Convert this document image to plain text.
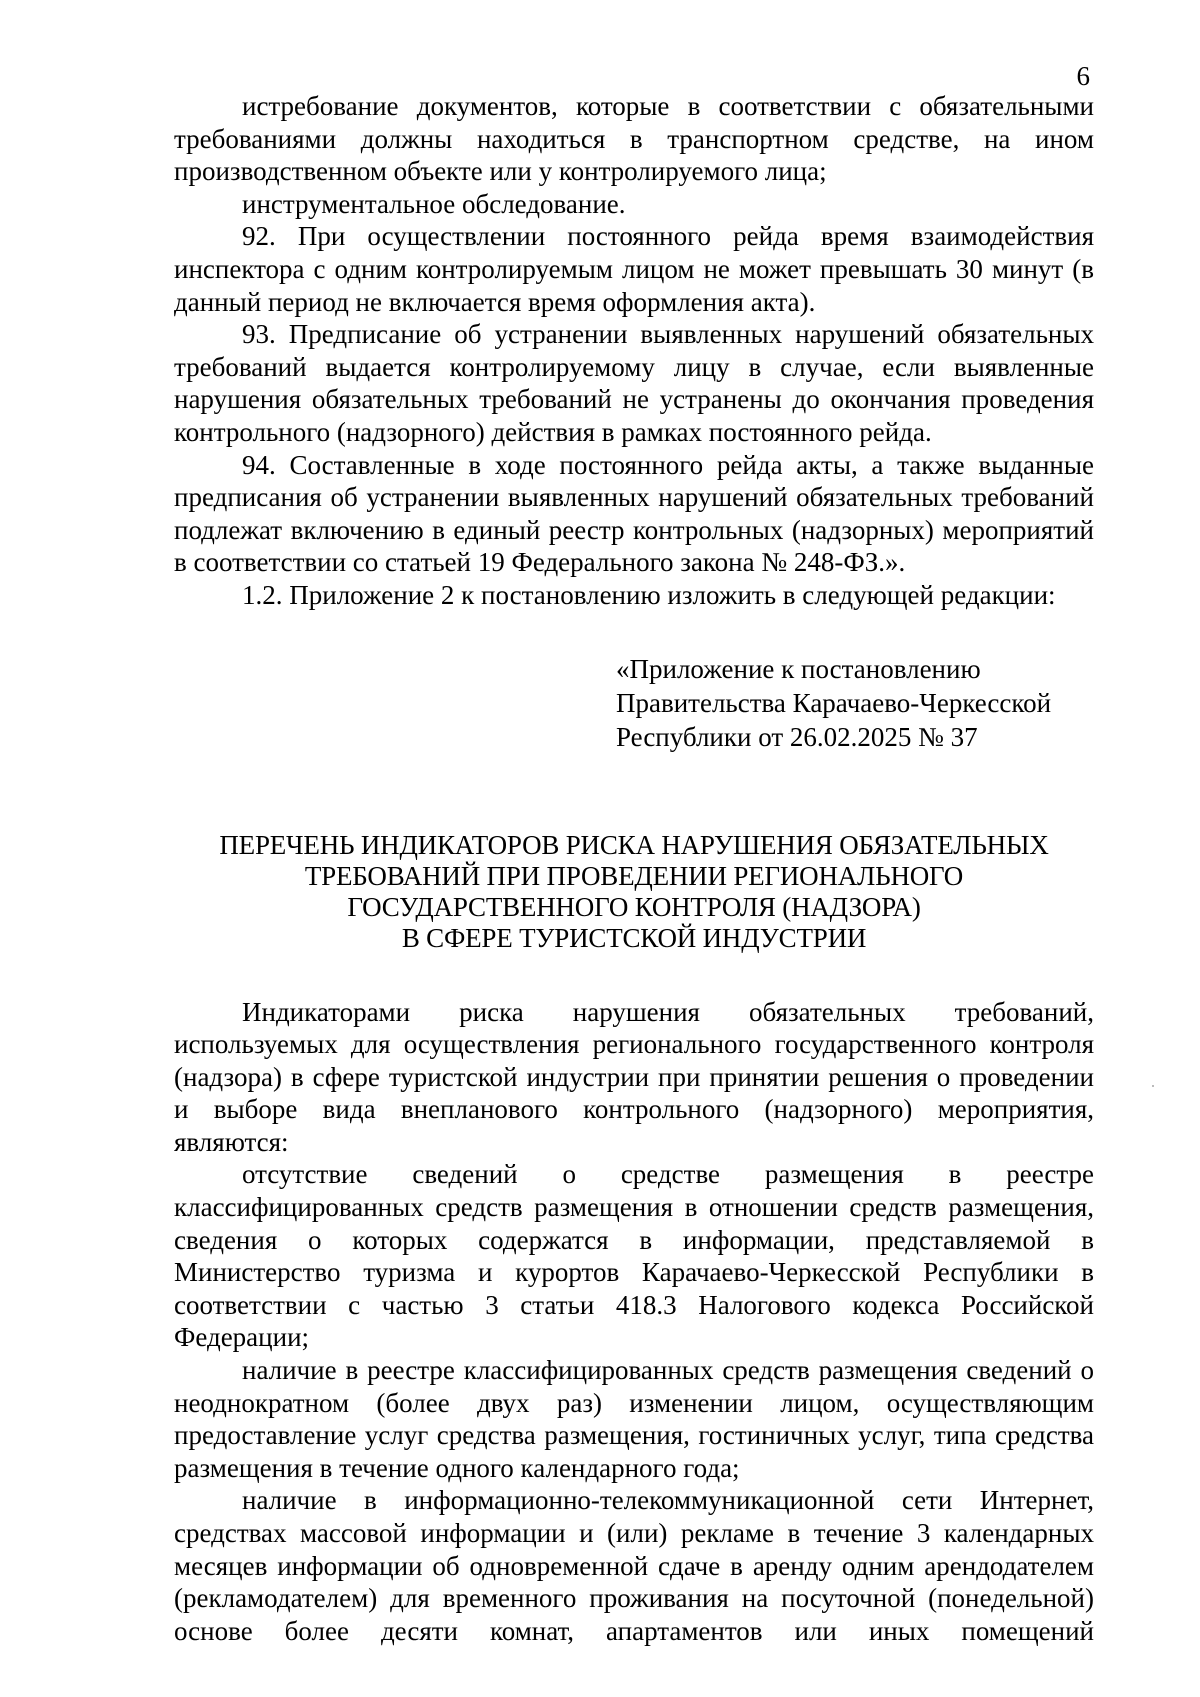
6

истребование документов, которые в соответствии с обязательными требованиями должны находиться в транспортном средстве, на ином производственном объекте или у контролируемого лица;

инструментальное обследование.

92. При осуществлении постоянного рейда время взаимодействия инспектора с одним контролируемым лицом не может превышать 30 минут (в данный период не включается время оформления акта).

93. Предписание об устранении выявленных нарушений обязательных требований выдается контролируемому лицу в случае, если выявленные нарушения обязательных требований не устранены до окончания проведения контрольного (надзорного) действия в рамках постоянного рейда.

94. Составленные в ходе постоянного рейда акты, а также выданные предписания об устранении выявленных нарушений обязательных требований подлежат включению в единый реестр контрольных (надзорных) мероприятий в соответствии со статьей 19 Федерального закона № 248-ФЗ.».

1.2. Приложение 2 к постановлению изложить в следующей редакции:

«Приложение к постановлению
Правительства Карачаево-Черкесской
Республики от 26.02.2025 № 37
ПЕРЕЧЕНЬ ИНДИКАТОРОВ РИСКА НАРУШЕНИЯ ОБЯЗАТЕЛЬНЫХ
ТРЕБОВАНИЙ ПРИ ПРОВЕДЕНИИ РЕГИОНАЛЬНОГО
ГОСУДАРСТВЕННОГО КОНТРОЛЯ (НАДЗОРА)
В СФЕРЕ ТУРИСТСКОЙ ИНДУСТРИИ

Индикаторами риска нарушения обязательных требований, используемых для осуществления регионального государственного контроля (надзора) в сфере туристской индустрии при принятии решения о проведении и выборе вида внепланового контрольного (надзорного) мероприятия, являются:

отсутствие сведений о средстве размещения в реестре классифицированных средств размещения в отношении средств размещения, сведения о которых содержатся в информации, представляемой в Министерство туризма и курортов Карачаево-Черкесской Республики в соответствии с частью 3 статьи 418.3 Налогового кодекса Российской Федерации;

наличие в реестре классифицированных средств размещения сведений о неоднократном (более двух раз) изменении лицом, осуществляющим предоставление услуг средства размещения, гостиничных услуг, типа средства размещения в течение одного календарного года;

наличие в информационно-телекоммуникационной сети Интернет, средствах массовой информации и (или) рекламе в течение 3 календарных месяцев информации об одновременной сдаче в аренду одним арендодателем (рекламодателем) для временного проживания на посуточной (понедельной) основе более десяти комнат, апартаментов или иных помещений
